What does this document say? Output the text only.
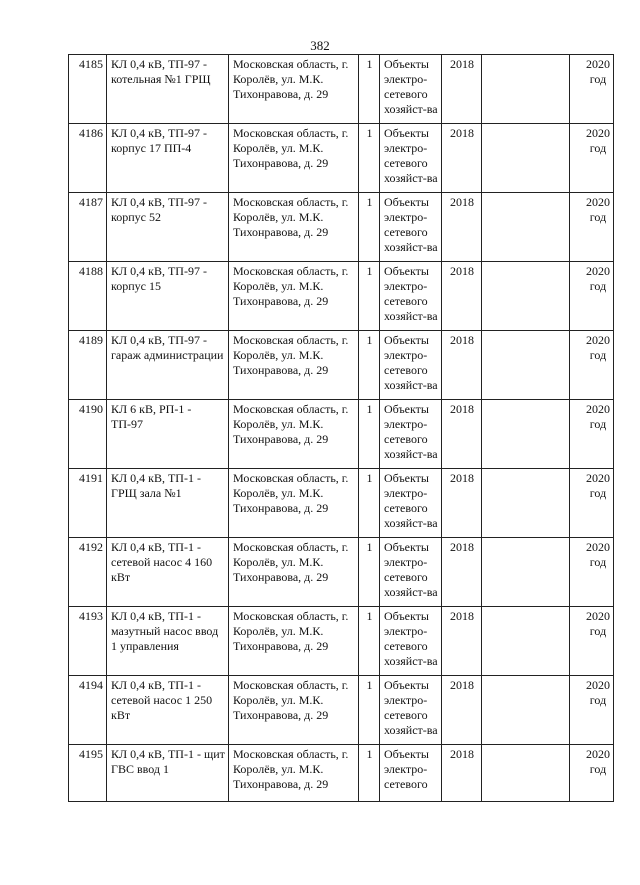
382
4185	КЛ 0,4 кВ, ТП-97 - котельная №1 ГРЩ	Московская область, г. Королёв, ул. М.К. Тихонравова, д. 29	1	Объекты электро-сетевого хозяйст-ва	2018		2020
год

4186	КЛ 0,4 кВ, ТП-97 - корпус 17 ПП-4	Московская область, г. Королёв, ул. М.К. Тихонравова, д. 29	1	Объекты электро-сетевого хозяйст-ва	2018		2020
год

4187	КЛ 0,4 кВ, ТП-97 - корпус 52	Московская область, г. Королёв, ул. М.К. Тихонравова, д. 29	1	Объекты электро-сетевого хозяйст-ва	2018		2020
год

4188	КЛ 0,4 кВ, ТП-97 - корпус 15	Московская область, г. Королёв, ул. М.К. Тихонравова, д. 29	1	Объекты электро-сетевого хозяйст-ва	2018		2020
год

4189	КЛ 0,4 кВ, ТП-97 - гараж администрации	Московская область, г. Королёв, ул. М.К. Тихонравова, д. 29	1	Объекты электро-сетевого хозяйст-ва	2018		2020
год

4190	КЛ 6 кВ, РП-1 - ТП-97	Московская область, г. Королёв, ул. М.К. Тихонравова, д. 29	1	Объекты электро-сетевого хозяйст-ва	2018		2020
год

4191	КЛ 0,4 кВ, ТП-1 - ГРЩ зала №1	Московская область, г. Королёв, ул. М.К. Тихонравова, д. 29	1	Объекты электро-сетевого хозяйст-ва	2018		2020
год

4192	КЛ 0,4 кВ, ТП-1 - сетевой насос 4 160 кВт	Московская область, г. Королёв, ул. М.К. Тихонравова, д. 29	1	Объекты электро-сетевого хозяйст-ва	2018		2020
год

4193	КЛ 0,4 кВ, ТП-1 - мазутный насос ввод 1 управления	Московская область, г. Королёв, ул. М.К. Тихонравова, д. 29	1	Объекты электро-сетевого хозяйст-ва	2018		2020
год

4194	КЛ 0,4 кВ, ТП-1 - сетевой насос 1 250 кВт	Московская область, г. Королёв, ул. М.К. Тихонравова, д. 29	1	Объекты электро-сетевого хозяйст-ва	2018		2020
год

4195	КЛ 0,4 кВ, ТП-1 - щит ГВС ввод 1	Московская область, г. Королёв, ул. М.К. Тихонравова, д. 29	1	Объекты электро-сетевого	2018		2020
год
